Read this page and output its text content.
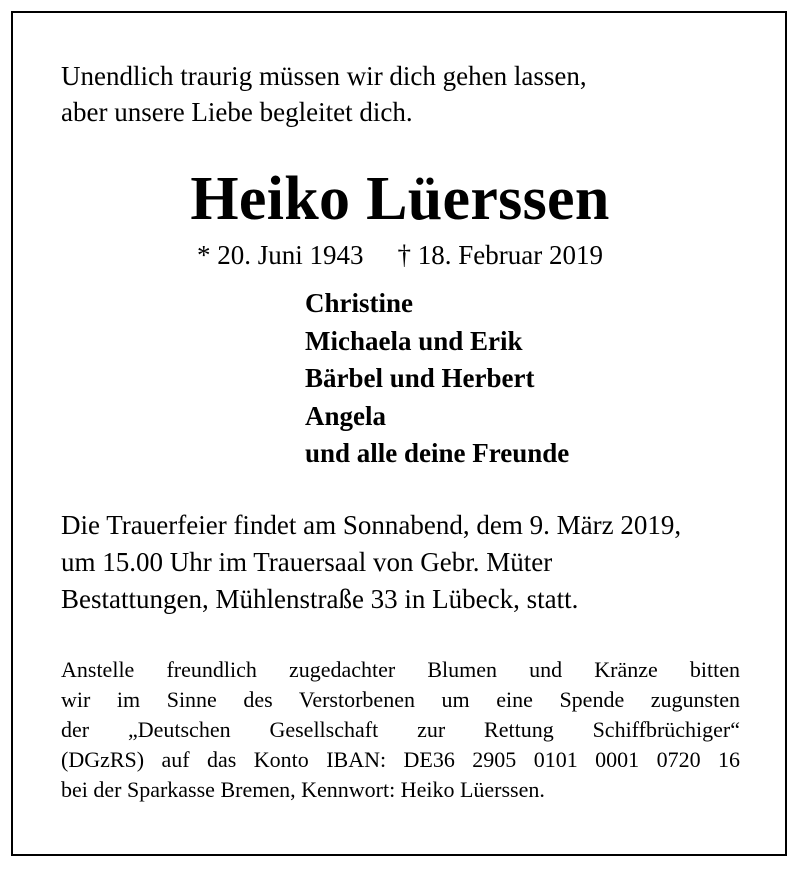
Unendlich traurig müssen wir dich gehen lassen,
aber unsere Liebe begleitet dich.
Heiko Lüerssen
* 20. Juni 1943 † 18. Februar 2019
Christine
Michaela und Erik
Bärbel und Herbert
Angela
und alle deine Freunde
Die Trauerfeier findet am Sonnabend, dem 9. März 2019,
um 15.00 Uhr im Trauersaal von Gebr. Müter
Bestattungen, Mühlenstraße 33 in Lübeck, statt.
Anstelle freundlich zugedachter Blumen und Kränze bitten
wir im Sinne des Verstorbenen um eine Spende zugunsten
der „Deutschen Gesellschaft zur Rettung Schiffbrüchiger“
(DGzRS) auf das Konto IBAN: DE36 2905 0101 0001 0720 16
bei der Sparkasse Bremen, Kennwort: Heiko Lüerssen.
